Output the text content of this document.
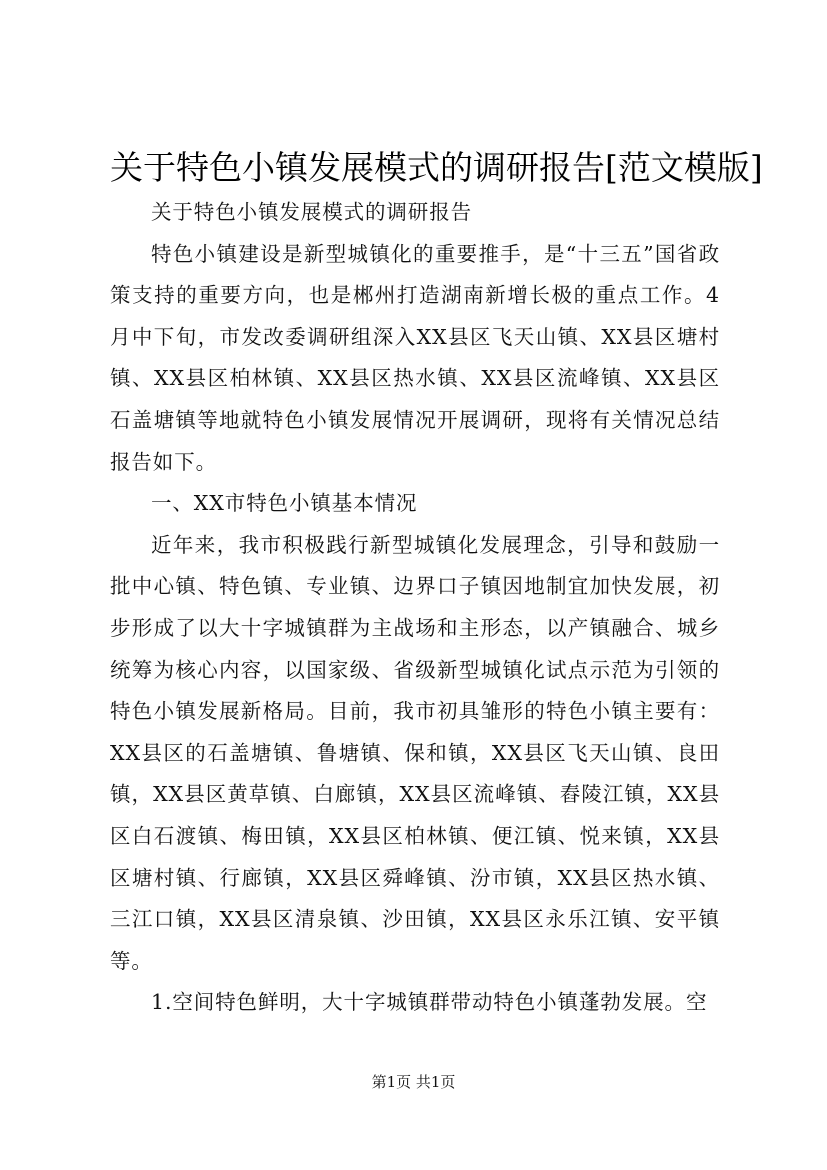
关于特色小镇发展模式的调研报告[范文模版]

关于特色小镇发展模式的调研报告

特色小镇建设是新型城镇化的重要推手，是“十三五”国省政策支持的重要方向，也是郴州打造湖南新增长极的重点工作。4月中下旬，市发改委调研组深入XX县区飞天山镇、XX县区塘村镇、XX县区柏林镇、XX县区热水镇、XX县区流峰镇、XX县区石盖塘镇等地就特色小镇发展情况开展调研，现将有关情况总结报告如下。

一、XX市特色小镇基本情况

近年来，我市积极践行新型城镇化发展理念，引导和鼓励一批中心镇、特色镇、专业镇、边界口子镇因地制宜加快发展，初步形成了以大十字城镇群为主战场和主形态，以产镇融合、城乡统筹为核心内容，以国家级、省级新型城镇化试点示范为引领的特色小镇发展新格局。目前，我市初具雏形的特色小镇主要有：XX县区的石盖塘镇、鲁塘镇、保和镇，XX县区飞天山镇、良田镇，XX县区黄草镇、白廊镇，XX县区流峰镇、舂陵江镇，XX县区白石渡镇、梅田镇，XX县区柏林镇、便江镇、悦来镇，XX县区塘村镇、行廊镇，XX县区舜峰镇、汾市镇，XX县区热水镇、三江口镇，XX县区清泉镇、沙田镇，XX县区永乐江镇、安平镇等。

1.空间特色鲜明，大十字城镇群带动特色小镇蓬勃发展。空

第1页 共1页
